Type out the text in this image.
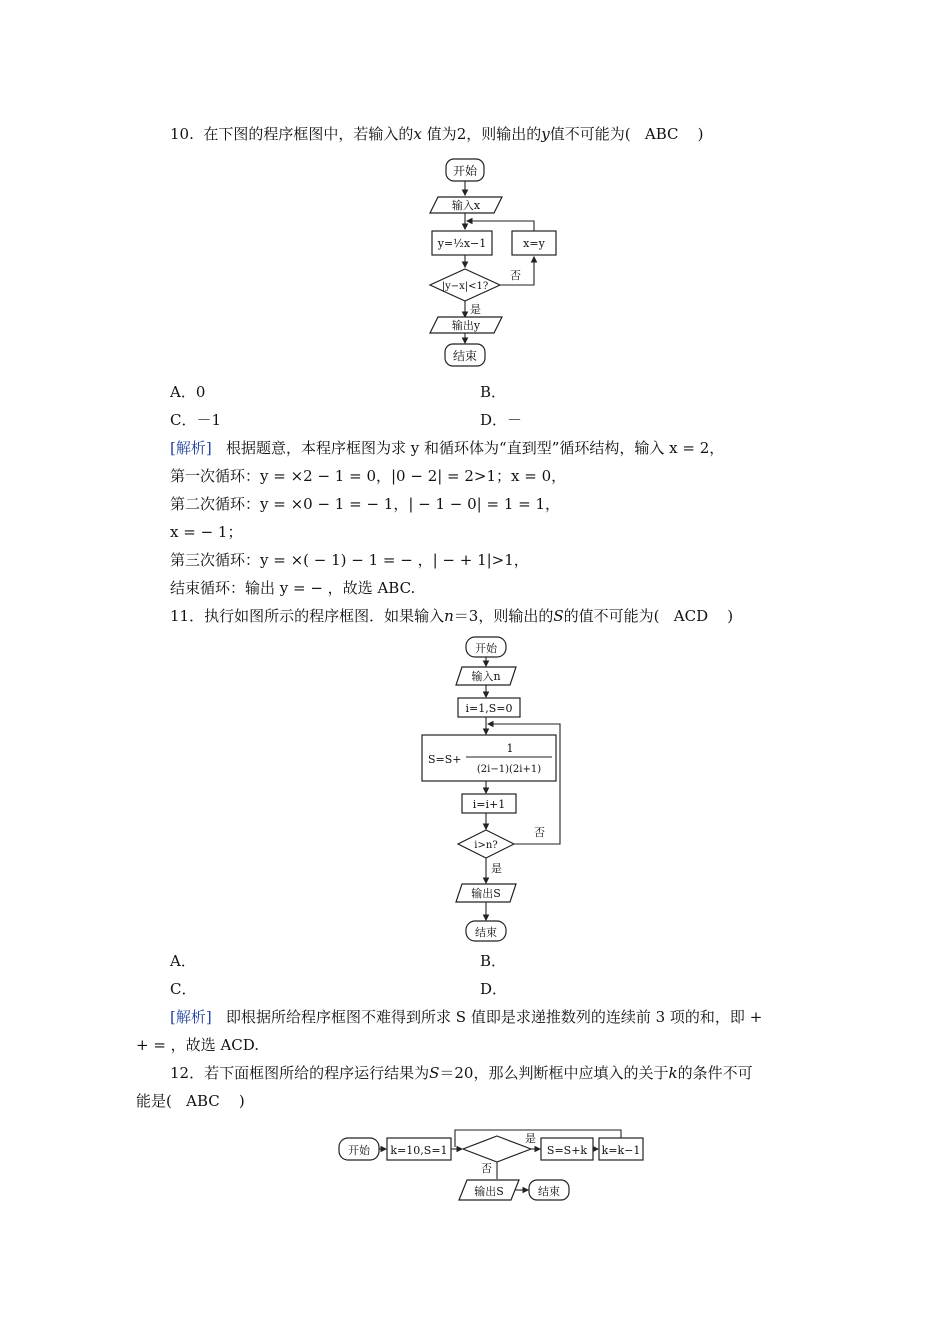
10. 在下图的程序框图中，若输入的x 值为2，则输出的y值不可能为( ABC )
开始
输入x
y=½x−1	x=y
|y−x|<1?
否
是
输出y
结束
A．0	B．
C．－1	D．－
[解析] 根据题意，本程序框图为求 y 和循环体为“直到型”循环结构，输入 x = 2，
第一次循环：y = ×2 − 1 = 0，|0 − 2| = 2>1；x = 0，
第二次循环：y = ×0 − 1 = − 1，| − 1 − 0| = 1 = 1，
x = − 1；
第三次循环：y = ×( − 1) − 1 = − ，| − + 1|>1，
结束循环：输出 y = − ，故选 ABC.
11．执行如图所示的程序框图．如果输入n＝3，则输出的S的值不可能为( ACD )
开始
输入n
i=1,S=0
S=S+
1
(2i−1)(2i+1)
i=i+1
i>n?
否
是
输出S
结束
A．	B．
C．	D．
[解析] 即根据所给程序框图不难得到所求 S 值即是求递推数列的连续前 3 项的和，即 +
+ = ，故选 ACD.
12．若下面框图所给的程序运行结果为S＝20，那么判断框中应填入的关于k的条件不可
能是( ABC )
开始 k=10,S=1
是
S=S+k k=k−1
否
输出S	结束
